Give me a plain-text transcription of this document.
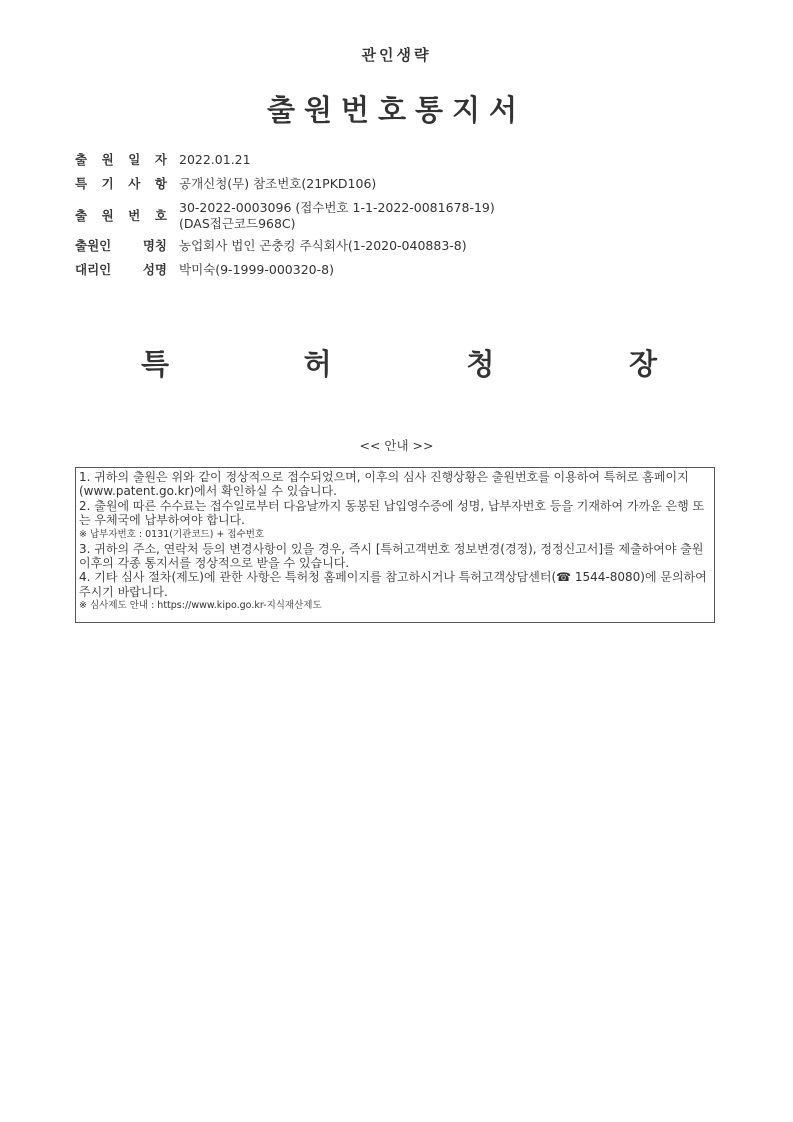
관인생략
출원번호통지서
출 원 일 자 2022.01.21
특 기 사 항 공개신청(무) 참조번호(21PKD106)
출 원 번 호
30-2022-0003096 (접수번호 1-1-2022-0081678-19)
(DAS접근코드968C)
출원인	명칭 농업회사 법인 곤충킹 주식회사(1-2020-040883-8)
대리인	성명 박미숙(9-1999-000320-8)
특	허	청	장
<< 안내 >>

1. 귀하의 출원은 위와 같이 정상적으로 접수되었으며, 이후의 심사 진행상황은 출원번호를 이용하여 특허로 홈페이지(www.patent.go.kr)에서 확인하실 수 있습니다.

2. 출원에 따른 수수료는 접수일로부터 다음날까지 동봉된 납입영수증에 성명, 납부자번호 등을 기재하여 가까운 은행 또는 우체국에 납부하여야 합니다.

※ 납부자번호 : 0131(기관코드) + 접수번호

3. 귀하의 주소, 연락처 등의 변경사항이 있을 경우, 즉시 [특허고객번호 정보변경(경정), 정정신고서]를 제출하여야 출원 이후의 각종 통지서를 정상적으로 받을 수 있습니다.

4. 기타 심사 절차(제도)에 관한 사항은 특허청 홈페이지를 참고하시거나 특허고객상담센터(☎ 1544-8080)에 문의하여 주시기 바랍니다.

※ 심사제도 안내 : https://www.kipo.go.kr-지식재산제도
